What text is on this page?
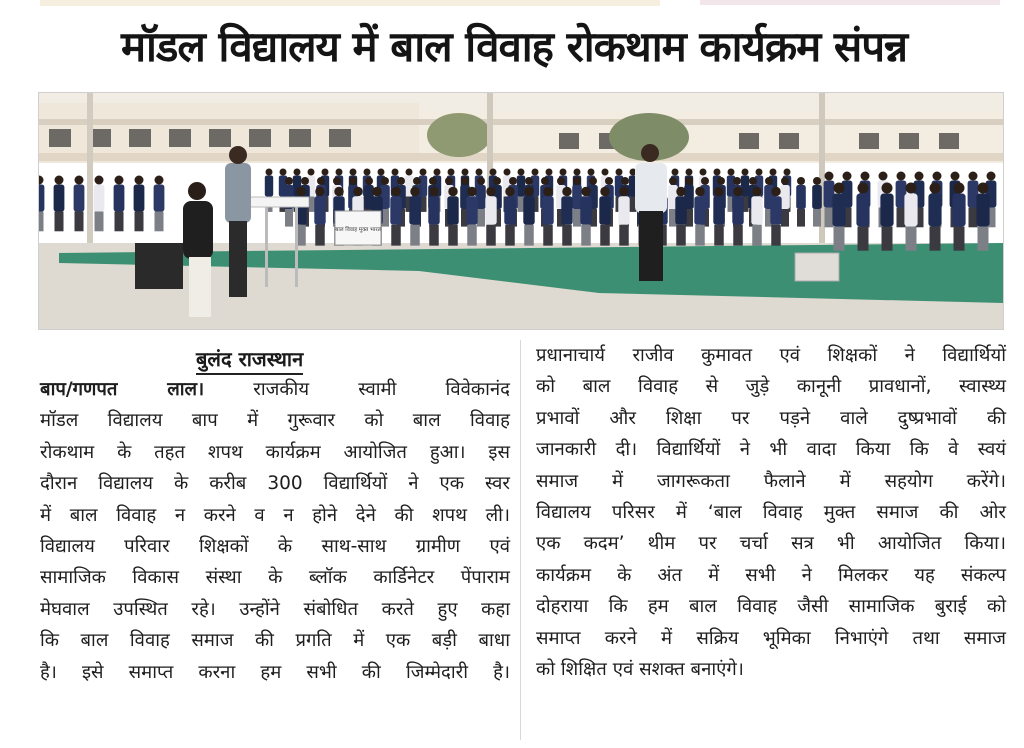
मॉडल विद्यालय में बाल विवाह रोकथाम कार्यक्रम संपन्न
बाल विवाह मुक्त भारत
बुलंद राजस्थान
बाप/गणपत लाल।	राजकीय स्वामी विवेकानंद
मॉडल विद्यालय बाप में गुरूवार को बाल विवाह
रोकथाम के तहत शपथ कार्यक्रम आयोजित हुआ। इस
दौरान विद्यालय के करीब 300 विद्यार्थियों ने एक स्वर
में बाल विवाह न करने व न होने देने की शपथ ली।
विद्यालय परिवार शिक्षकों के साथ-साथ ग्रामीण एवं
सामाजिक विकास संस्था के ब्लॉक कार्डिनेटर पेंपाराम
मेघवाल उपस्थित रहे। उन्होंने संबोधित करते हुए कहा
कि बाल विवाह समाज की प्रगति में एक बड़ी बाधा
है। इसे समाप्त करना हम सभी की जिम्मेदारी है।
प्रधानाचार्य राजीव कुमावत एवं शिक्षकों ने विद्यार्थियों
को बाल विवाह से जुड़े कानूनी प्रावधानों, स्वास्थ्य
प्रभावों और शिक्षा पर पड़ने वाले दुष्प्रभावों की
जानकारी दी। विद्यार्थियों ने भी वादा किया कि वे स्वयं
समाज में जागरूकता फैलाने में सहयोग करेंगे।
विद्यालय परिसर में ‘बाल विवाह मुक्त समाज की ओर
एक कदम’ थीम पर चर्चा सत्र भी आयोजित किया।
कार्यक्रम के अंत में सभी ने मिलकर यह संकल्प
दोहराया कि हम बाल विवाह जैसी सामाजिक बुराई को
समाप्त करने में सक्रिय भूमिका निभाएंगे तथा समाज
को शिक्षित एवं सशक्त बनाएंगे।
